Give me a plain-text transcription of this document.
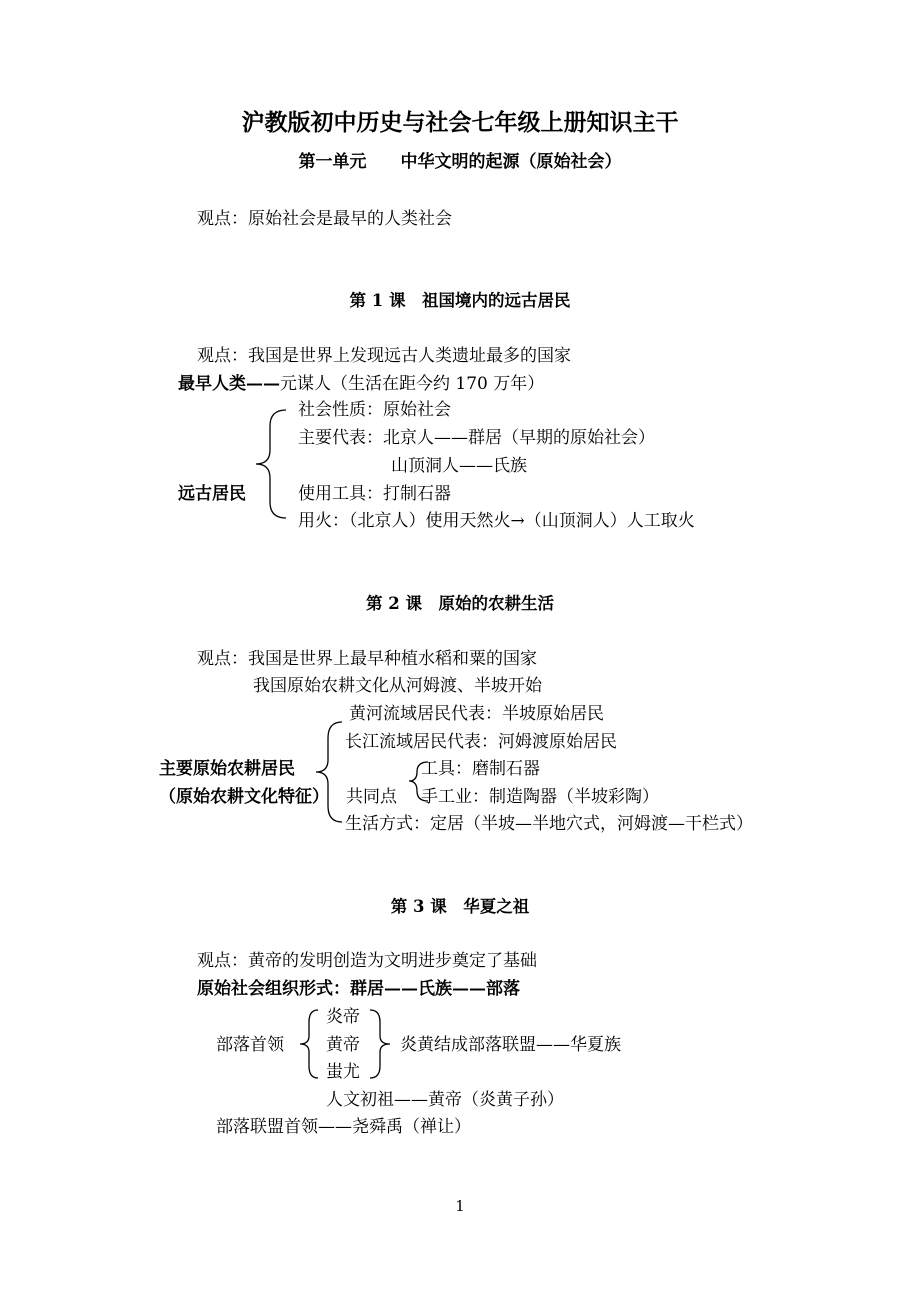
沪教版初中历史与社会七年级上册知识主干
第一单元　　中华文明的起源（原始社会）
观点：原始社会是最早的人类社会
第 1 课　祖国境内的远古居民
观点：我国是世界上发现远古人类遗址最多的国家
最早人类——元谋人（生活在距今约 170 万年）
远古居民
社会性质：原始社会
主要代表：北京人——群居（早期的原始社会）
山顶洞人——氏族
使用工具：打制石器
用火：（北京人）使用天然火→（山顶洞人）人工取火
第 2 课　原始的农耕生活
观点：我国是世界上最早种植水稻和粟的国家
我国原始农耕文化从河姆渡、半坡开始
黄河流域居民代表：半坡原始居民
长江流域居民代表：河姆渡原始居民
主要原始农耕居民
（原始农耕文化特征） 共同点
工具：磨制石器
手工业：制造陶器（半坡彩陶）
生活方式：定居（半坡—半地穴式，河姆渡—干栏式）
第 3 课　华夏之祖
观点：黄帝的发明创造为文明进步奠定了基础
原始社会组织形式：群居——氏族——部落
部落首领
炎帝
黄帝
蚩尤
炎黄结成部落联盟——华夏族
人文初祖——黄帝（炎黄子孙）
部落联盟首领——尧舜禹（禅让）
1
